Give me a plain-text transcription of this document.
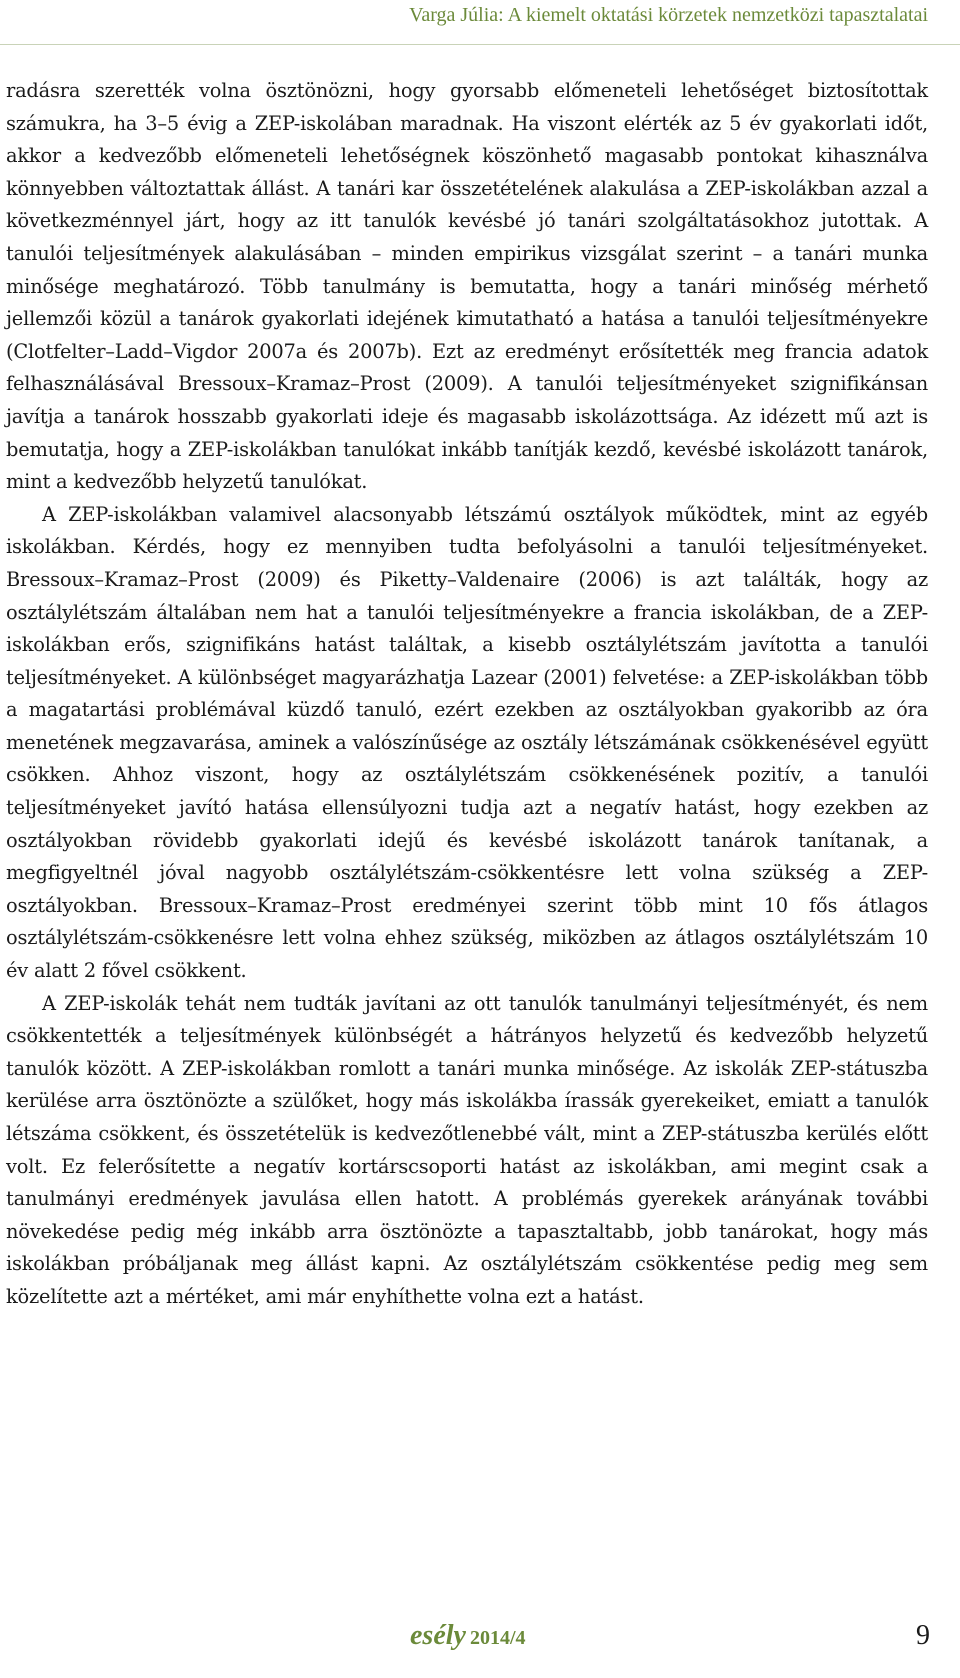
Varga Júlia: A kiemelt oktatási körzetek nemzetközi tapasztalatai

radásra szerették volna ösztönözni, hogy gyorsabb előmeneteli lehetőséget biztosítottak számukra, ha 3–5 évig a ZEP-iskolában maradnak. Ha viszont elérték az 5 év gyakorlati időt, akkor a kedvezőbb előmeneteli lehetőségnek köszönhető magasabb pontokat kihasználva könnyebben változtattak állást. A tanári kar összetételének alakulása a ZEP-iskolákban azzal a következménnyel járt, hogy az itt tanulók kevésbé jó tanári szolgáltatásokhoz jutottak. A tanulói teljesítmények alakulásában – minden empirikus vizsgálat szerint – a tanári munka minősége meghatározó. Több tanulmány is bemutatta, hogy a tanári minőség mérhető jellemzői közül a tanárok gyakorlati idejének kimutatható a hatása a tanulói teljesítményekre (Clotfelter–Ladd–Vigdor 2007a és 2007b). Ezt az eredményt erősítették meg francia adatok felhasználásával Bressoux–Kramaz–Prost (2009). A tanulói teljesítményeket szignifikánsan javítja a tanárok hosszabb gyakorlati ideje és magasabb iskolázottsága. Az idézett mű azt is bemutatja, hogy a ZEP-iskolákban tanulókat inkább tanítják kezdő, kevésbé iskolázott tanárok, mint a kedvezőbb helyzetű tanulókat.

A ZEP-iskolákban valamivel alacsonyabb létszámú osztályok működtek, mint az egyéb iskolákban. Kérdés, hogy ez mennyiben tudta befolyásolni a tanulói teljesítményeket. Bressoux–Kramaz–Prost (2009) és Piketty–Valdenaire (2006) is azt találták, hogy az osztálylétszám általában nem hat a tanulói teljesítményekre a francia iskolákban, de a ZEP-iskolákban erős, szignifikáns hatást találtak, a kisebb osztálylétszám javította a tanulói teljesítményeket. A különbséget magyarázhatja Lazear (2001) felvetése: a ZEP-iskolákban több a magatartási problémával küzdő tanuló, ezért ezekben az osztályokban gyakoribb az óra menetének megzavarása, aminek a valószínűsége az osztály létszámának csökkenésével együtt csökken. Ahhoz viszont, hogy az osztálylétszám csökkenésének pozitív, a tanulói teljesítményeket javító hatása ellensúlyozni tudja azt a negatív hatást, hogy ezekben az osztályokban rövidebb gyakorlati idejű és kevésbé iskolázott tanárok tanítanak, a megfigyeltnél jóval nagyobb osztálylétszám-csökkentésre lett volna szükség a ZEP-osztályokban. Bressoux–Kramaz–Prost eredményei szerint több mint 10 fős átlagos osztálylétszám-csökkenésre lett volna ehhez szükség, miközben az átlagos osztálylétszám 10 év alatt 2 fővel csökkent.

A ZEP-iskolák tehát nem tudták javítani az ott tanulók tanulmányi teljesítményét, és nem csökkentették a teljesítmények különbségét a hátrányos helyzetű és kedvezőbb helyzetű tanulók között. A ZEP-iskolákban romlott a tanári munka minősége. Az iskolák ZEP-státuszba kerülése arra ösztönözte a szülőket, hogy más iskolákba írassák gyerekeiket, emiatt a tanulók létszáma csökkent, és összetételük is kedvezőtlenebbé vált, mint a ZEP-státuszba kerülés előtt volt. Ez felerősítette a negatív kortárscsoporti hatást az iskolákban, ami megint csak a tanulmányi eredmények javulása ellen hatott. A problémás gyerekek arányának további növekedése pedig még inkább arra ösztönözte a tapasztaltabb, jobb tanárokat, hogy más iskolákban próbáljanak meg állást kapni. Az osztálylétszám csökkentése pedig meg sem közelítette azt a mértéket, ami már enyhíthette volna ezt a hatást.

esély 2014/4	9
